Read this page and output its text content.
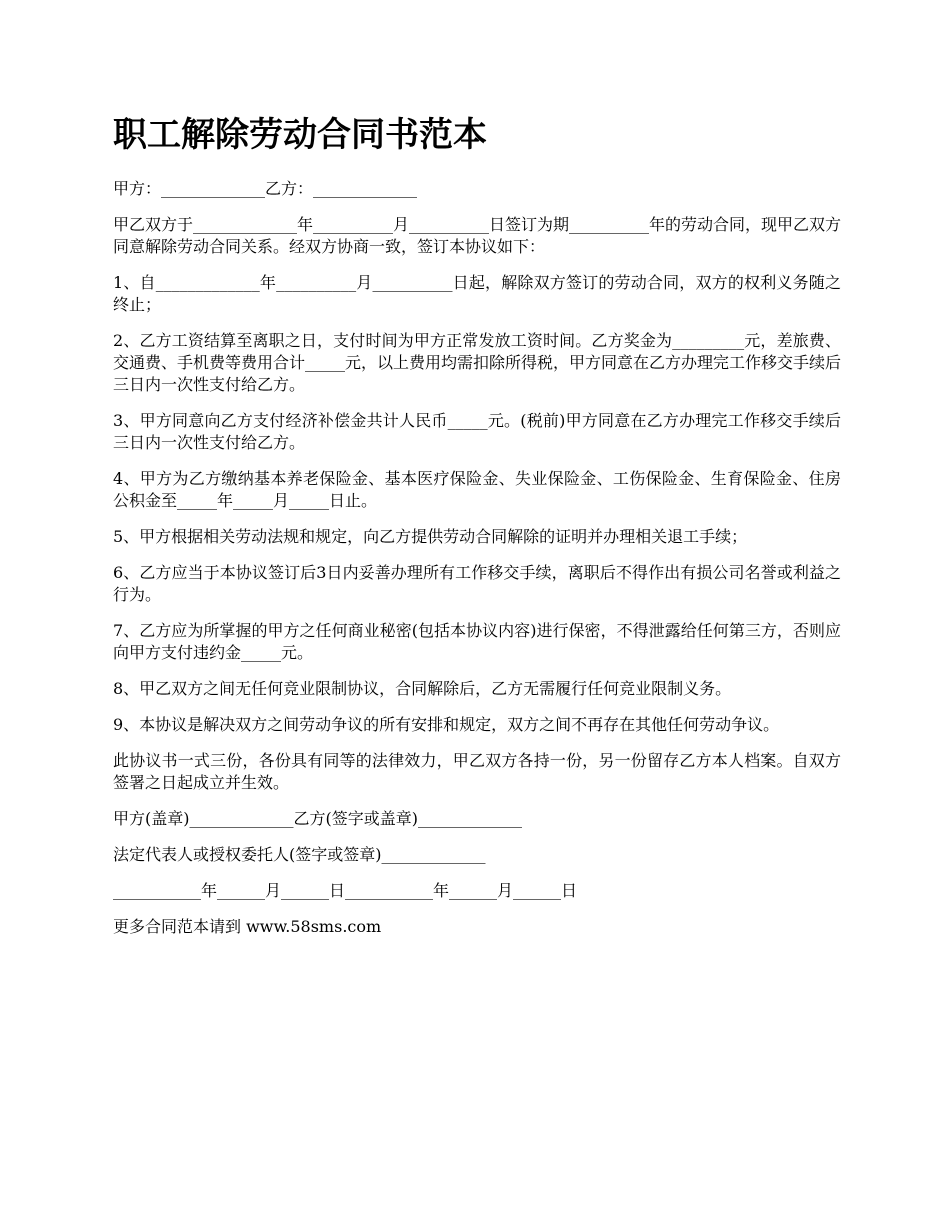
职工解除劳动合同书范本

甲方：_____________乙方：_____________

甲乙双方于_____________年__________月__________日签订为期__________年的劳动合同，现甲乙双方同意解除劳动合同关系。经双方协商一致，签订本协议如下：

1、自_____________年__________月__________日起，解除双方签订的劳动合同，双方的权利义务随之终止；

2、乙方工资结算至离职之日，支付时间为甲方正常发放工资时间。乙方奖金为_________元，差旅费、交通费、手机费等费用合计_____元，以上费用均需扣除所得税，甲方同意在乙方办理完工作移交手续后三日内一次性支付给乙方。

3、甲方同意向乙方支付经济补偿金共计人民币_____元。(税前)甲方同意在乙方办理完工作移交手续后三日内一次性支付给乙方。

4、甲方为乙方缴纳基本养老保险金、基本医疗保险金、失业保险金、工伤保险金、生育保险金、住房公积金至_____年_____月_____日止。

5、甲方根据相关劳动法规和规定，向乙方提供劳动合同解除的证明并办理相关退工手续；

6、乙方应当于本协议签订后3日内妥善办理所有工作移交手续，离职后不得作出有损公司名誉或利益之行为。

7、乙方应为所掌握的甲方之任何商业秘密(包括本协议内容)进行保密，不得泄露给任何第三方，否则应向甲方支付违约金_____元。

8、甲乙双方之间无任何竞业限制协议，合同解除后，乙方无需履行任何竞业限制义务。

9、本协议是解决双方之间劳动争议的所有安排和规定，双方之间不再存在其他任何劳动争议。

此协议书一式三份，各份具有同等的法律效力，甲乙双方各持一份，另一份留存乙方本人档案。自双方签署之日起成立并生效。

甲方(盖章)_____________乙方(签字或盖章)_____________

法定代表人或授权委托人(签字或签章)_____________

___________年______月______日___________年______月______日

更多合同范本请到 www.58sms.com
